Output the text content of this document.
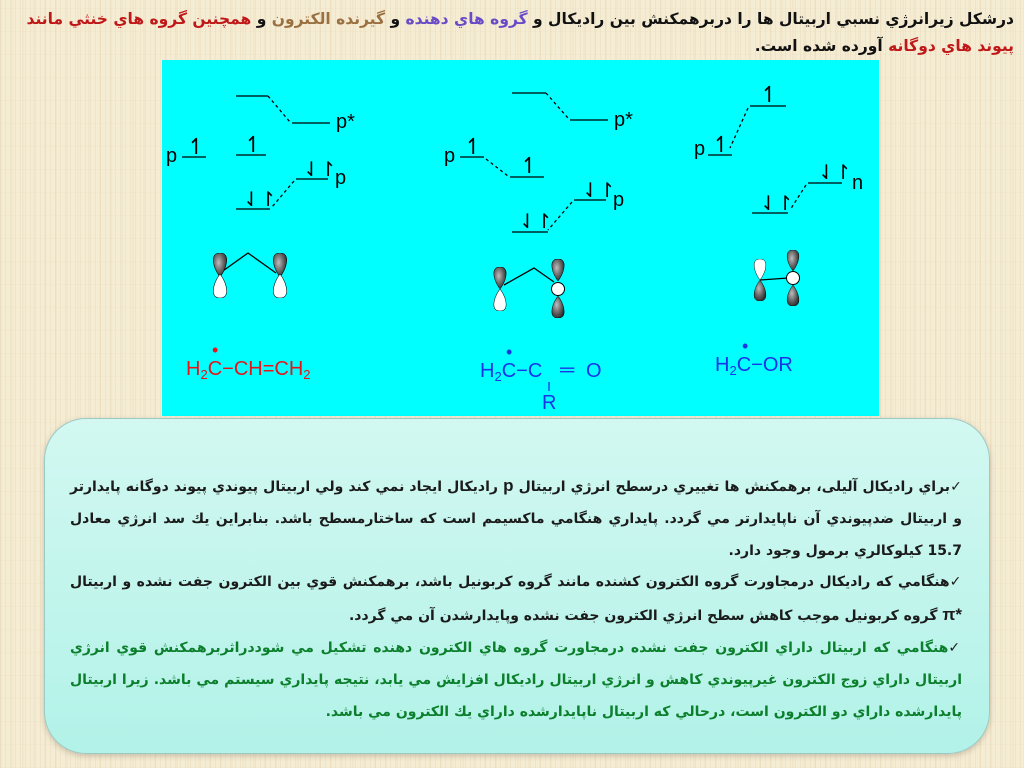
درشكل زيرانرژي نسبي اربيتال ها را دربرهمكنش بين راديكال و گروه هاي دهنده و گيرنده الكترون و همچنين گروه هاي خنثي مانند پيوند هاي دوگانه آورده شده است.
p*
p
p ↿ ↿
⇃↾
⇃↾
$H_2C-CH=CH_2$
•
p*
p
p ↿
↿
⇃↾
⇃↾
$H_2C-C$
•
═ O
R
p
n
↿
↿
⇃↾
⇃↾
$H_2C-OR$
•

✓براي راديكال آليلی، برهمكنش ها تغييري درسطح انرژي اربيتال p راديكال ايجاد نمي كند ولي اربيتال پيوندي پيوند دوگانه پايدارتر و اربيتال ضدپيوندي آن ناپايدارتر مي گردد. پايداري هنگامي ماكسيمم است كه ساختارمسطح باشد. بنابراين يك سد انرژي معادل 15.7 كيلوكالري برمول وجود دارد.

✓هنگامي كه راديكال درمجاورت گروه الكترون كشنده مانند گروه كربونيل باشد، برهمكنش قوي بين الكترون جفت نشده و اربيتال π* گروه كربونيل موجب كاهش سطح انرژي الكترون جفت نشده وپايدارشدن آن مي گردد.

✓هنگامي كه اربيتال داراي الكترون جفت نشده درمجاورت گروه هاي الكترون دهنده تشكيل مي شوددراثربرهمكنش قوي انرژي اربيتال داراي زوج الكترون غيرپيوندي كاهش و انرژي اربيتال راديكال افزايش مي يابد، نتيجه پايداري سيستم مي باشد. زيرا اربيتال پايدارشده داراي دو الكترون است، درحالي كه اربيتال ناپايدارشده داراي يك الكترون مي باشد.
